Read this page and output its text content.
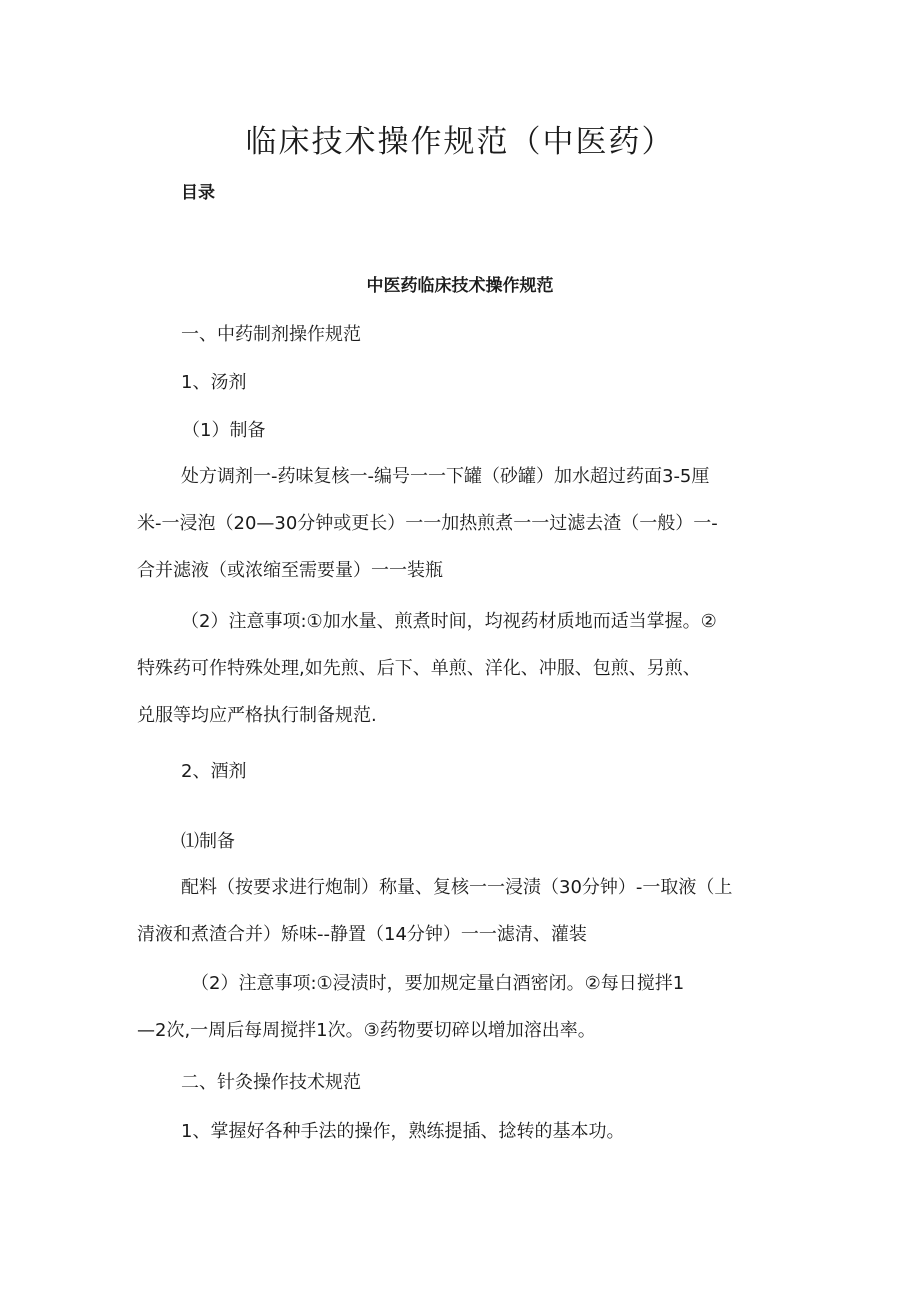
临床技术操作规范（中医药）
目录
中医药临床技术操作规范
一、中药制剂操作规范
1、汤剂
（1）制备
处方调剂一-药味复核一-编号一一下罐（砂罐）加水超过药面3-5厘
米-一浸泡（20—30分钟或更长）一一加热煎煮一一过滤去渣（一般）一-
合并滤液（或浓缩至需要量）一一装瓶
（2）注意事项:①加水量、煎煮时间，均视药材质地而适当掌握。②
特殊药可作特殊处理,如先煎、后下、单煎、洋化、冲服、包煎、另煎、
兑服等均应严格执行制备规范.
2、酒剂
⑴制备
配料（按要求进行炮制）称量、复核一一浸渍（30分钟）-一取液（上
清液和煮渣合并）矫味--静置（14分钟）一一滤清、灌装
（2）注意事项:①浸渍时，要加规定量白酒密闭。②每日搅拌1
—2次,一周后每周搅拌1次。③药物要切碎以增加溶出率。
二、针灸操作技术规范
1、掌握好各种手法的操作，熟练提插、捻转的基本功。
